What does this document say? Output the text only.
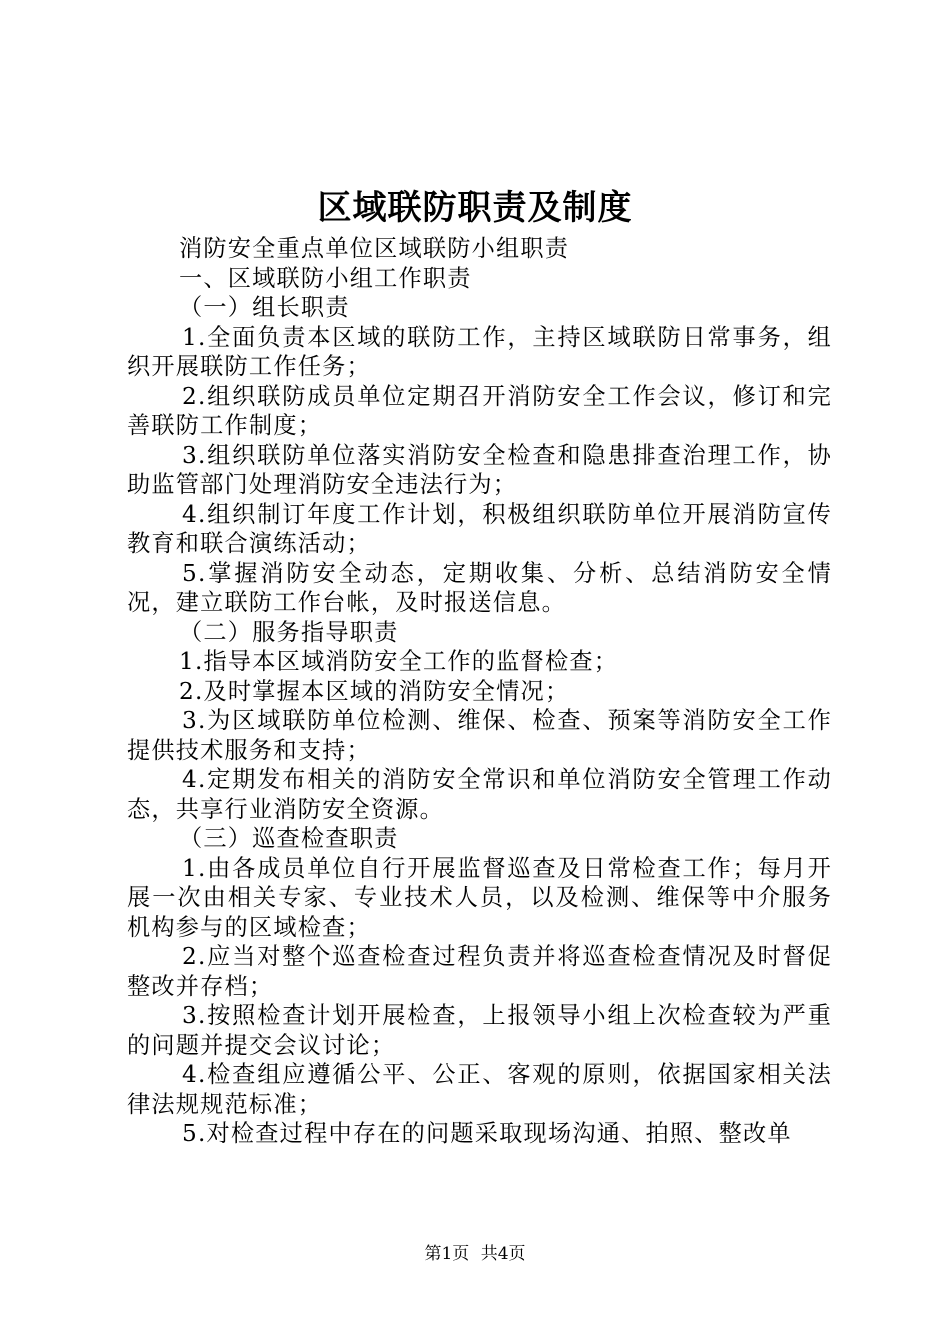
区域联防职责及制度

消防安全重点单位区域联防小组职责

一、区域联防小组工作职责

（一）组长职责

1.全面负责本区域的联防工作，主持区域联防日常事务，组织开展联防工作任务；

2.组织联防成员单位定期召开消防安全工作会议，修订和完善联防工作制度；

3.组织联防单位落实消防安全检查和隐患排查治理工作，协助监管部门处理消防安全违法行为；

4.组织制订年度工作计划，积极组织联防单位开展消防宣传教育和联合演练活动；

5.掌握消防安全动态，定期收集、分析、总结消防安全情况，建立联防工作台帐，及时报送信息。

（二）服务指导职责

1.指导本区域消防安全工作的监督检查；

2.及时掌握本区域的消防安全情况；

3.为区域联防单位检测、维保、检查、预案等消防安全工作提供技术服务和支持；

4.定期发布相关的消防安全常识和单位消防安全管理工作动态，共享行业消防安全资源。

（三）巡查检查职责

1.由各成员单位自行开展监督巡查及日常检查工作；每月开展一次由相关专家、专业技术人员，以及检测、维保等中介服务机构参与的区域检查；

2.应当对整个巡查检查过程负责并将巡查检查情况及时督促整改并存档；

3.按照检查计划开展检查，上报领导小组上次检查较为严重的问题并提交会议讨论；

4.检查组应遵循公平、公正、客观的原则，依据国家相关法律法规规范标准；

5.对检查过程中存在的问题采取现场沟通、拍照、整改单

第1页 共4页
